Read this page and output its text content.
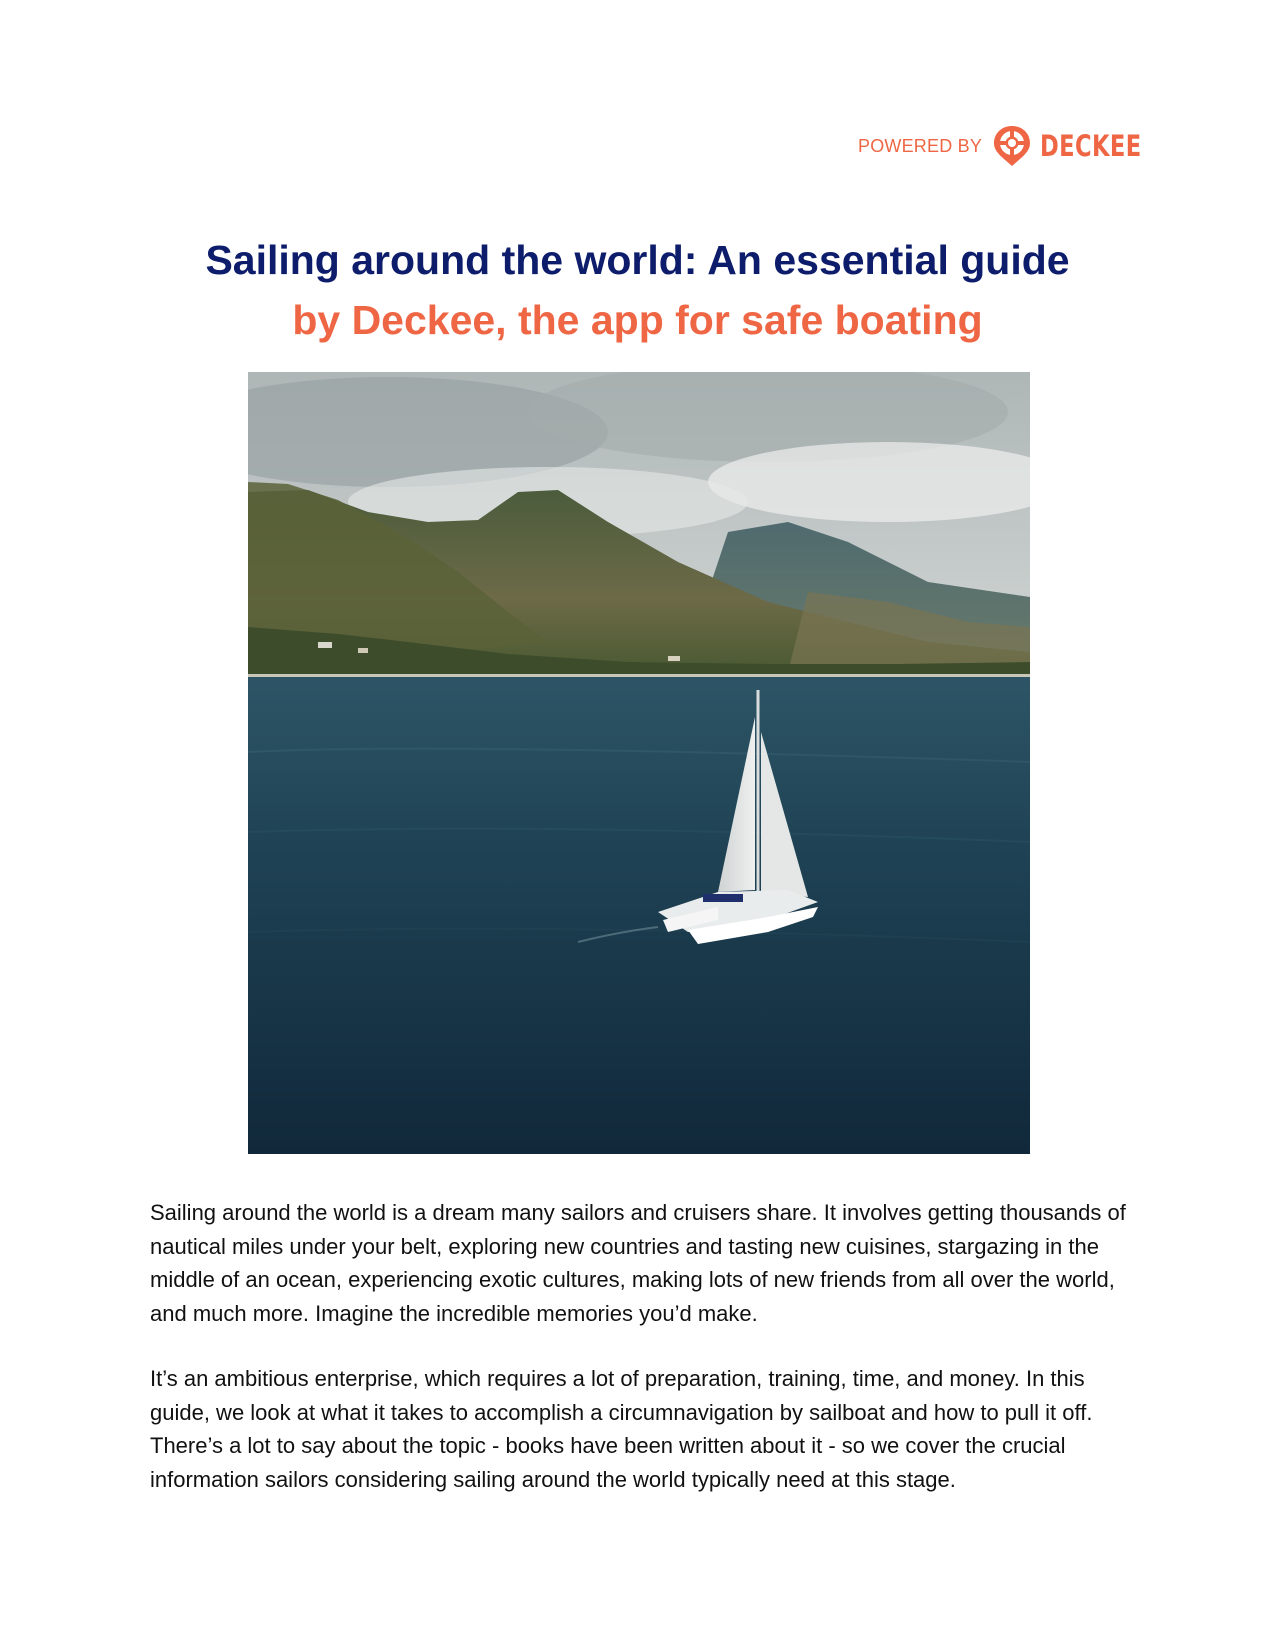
POWERED BY DECKEE
Sailing around the world: An essential guide
by Deckee, the app for safe boating

Sailing around the world is a dream many sailors and cruisers share. It involves getting thousands of nautical miles under your belt, exploring new countries and tasting new cuisines, stargazing in the middle of an ocean, experiencing exotic cultures, making lots of new friends from all over the world, and much more. Imagine the incredible memories you’d make.

It’s an ambitious enterprise, which requires a lot of preparation, training, time, and money. In this guide, we look at what it takes to accomplish a circumnavigation by sailboat and how to pull it off. There’s a lot to say about the topic - books have been written about it - so we cover the crucial information sailors considering sailing around the world typically need at this stage.
